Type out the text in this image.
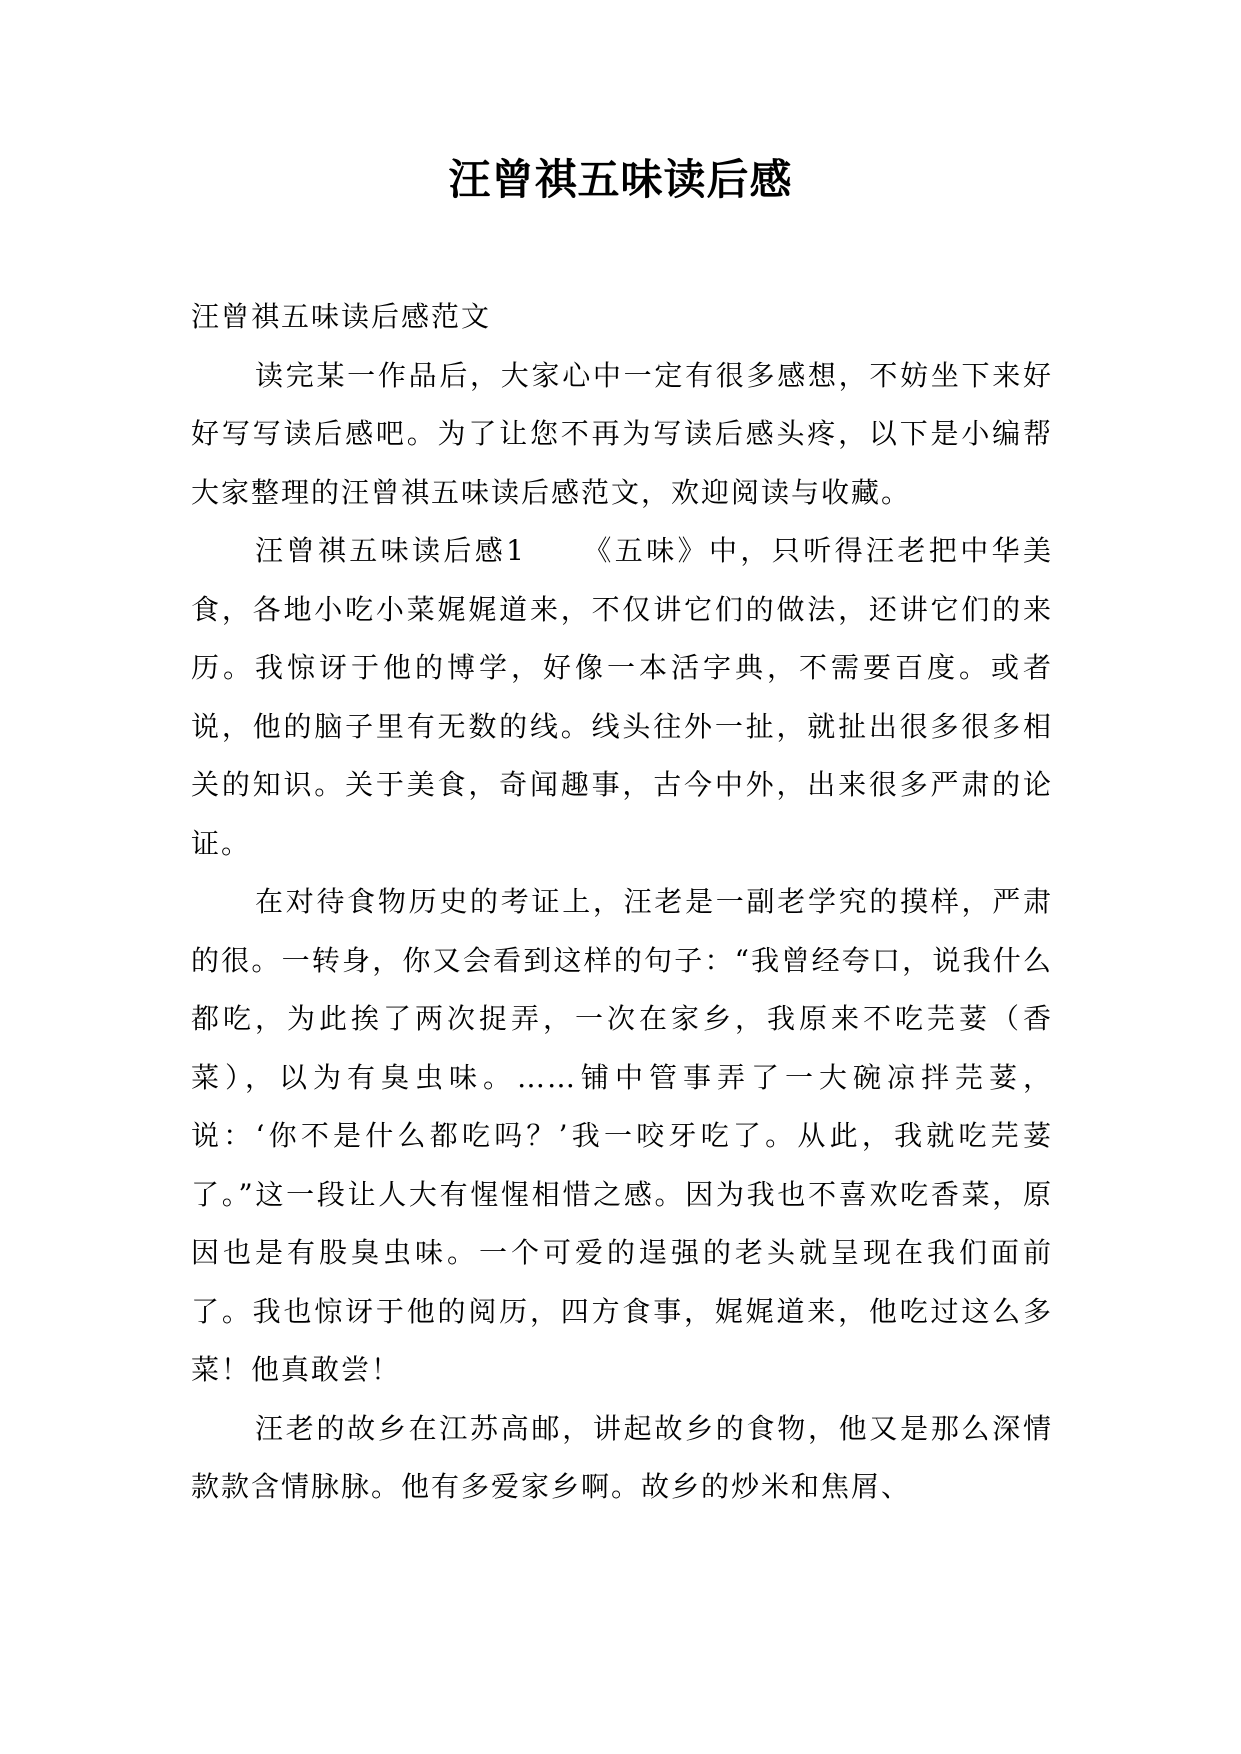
汪曾祺五味读后感

汪曾祺五味读后感范文

读完某一作品后，大家心中一定有很多感想，不妨坐下来好好写写读后感吧。为了让您不再为写读后感头疼，以下是小编帮大家整理的汪曾祺五味读后感范文，欢迎阅读与收藏。

汪曾祺五味读后感1 《五味》中，只听得汪老把中华美食，各地小吃小菜娓娓道来，不仅讲它们的做法，还讲它们的来历。我惊讶于他的博学，好像一本活字典，不需要百度。或者说，他的脑子里有无数的线。线头往外一扯，就扯出很多很多相关的知识。关于美食，奇闻趣事，古今中外，出来很多严肃的论证。

在对待食物历史的考证上，汪老是一副老学究的摸样，严肃的很。一转身，你又会看到这样的句子：“我曾经夸口，说我什么都吃，为此挨了两次捉弄，一次在家乡，我原来不吃芫荽（香菜），以为有臭虫味。……铺中管事弄了一大碗凉拌芫荽，说：‘你不是什么都吃吗？’我一咬牙吃了。从此，我就吃芫荽了。”这一段让人大有惺惺相惜之感。因为我也不喜欢吃香菜，原因也是有股臭虫味。一个可爱的逞强的老头就呈现在我们面前了。我也惊讶于他的阅历，四方食事，娓娓道来，他吃过这么多菜！他真敢尝！

汪老的故乡在江苏高邮，讲起故乡的食物，他又是那么深情款款含情脉脉。他有多爱家乡啊。故乡的炒米和焦屑、
